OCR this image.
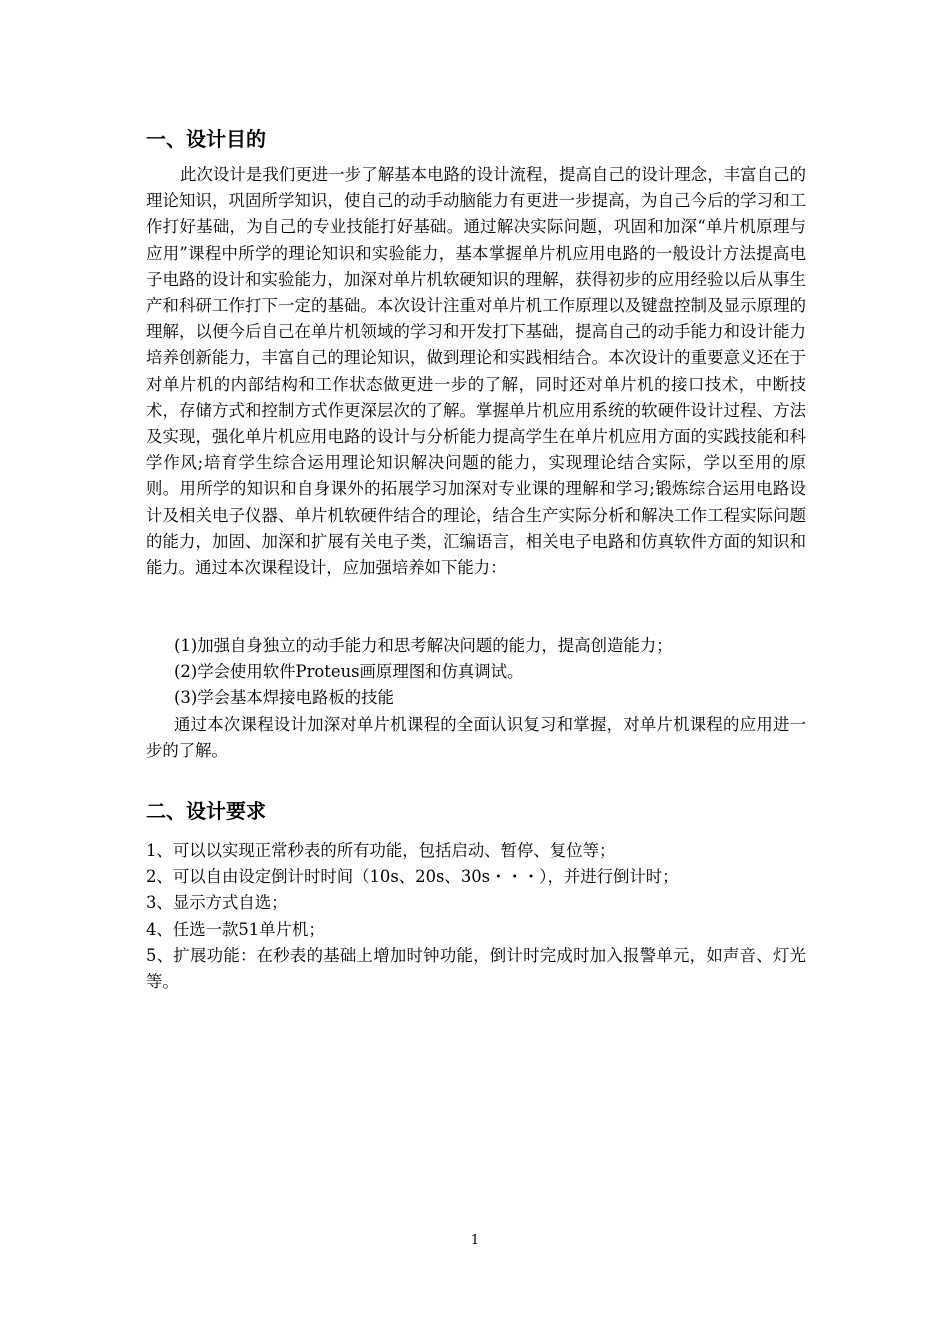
一、设计目的

此次设计是我们更进一步了解基本电路的设计流程，提高自己的设计理念，丰富自己的理论知识，巩固所学知识，使自己的动手动脑能力有更进一步提高，为自己今后的学习和工作打好基础，为自己的专业技能打好基础。通过解决实际问题，巩固和加深“单片机原理与应用”课程中所学的理论知识和实验能力，基本掌握单片机应用电路的一般设计方法提高电子电路的设计和实验能力，加深对单片机软硬知识的理解，获得初步的应用经验以后从事生产和科研工作打下一定的基础。本次设计注重对单片机工作原理以及键盘控制及显示原理的理解，以便今后自己在单片机领域的学习和开发打下基础，提高自己的动手能力和设计能力培养创新能力，丰富自己的理论知识，做到理论和实践相结合。本次设计的重要意义还在于对单片机的内部结构和工作状态做更进一步的了解，同时还对单片机的接口技术，中断技术，存储方式和控制方式作更深层次的了解。掌握单片机应用系统的软硬件设计过程、方法及实现，强化单片机应用电路的设计与分析能力提高学生在单片机应用方面的实践技能和科学作风;培育学生综合运用理论知识解决问题的能力，实现理论结合实际，学以至用的原则。用所学的知识和自身课外的拓展学习加深对专业课的理解和学习;锻炼综合运用电路设计及相关电子仪器、单片机软硬件结合的理论，结合生产实际分析和解决工作工程实际问题的能力，加固、加深和扩展有关电子类，汇编语言，相关电子电路和仿真软件方面的知识和能力。通过本次课程设计，应加强培养如下能力：

(1)加强自身独立的动手能力和思考解决问题的能力，提高创造能力；
(2)学会使用软件Proteus画原理图和仿真调试。
(3)学会基本焊接电路板的技能

通过本次课程设计加深对单片机课程的全面认识复习和掌握，对单片机课程的应用进一步的了解。

二、设计要求
1、可以以实现正常秒表的所有功能，包括启动、暂停、复位等；
2、可以自由设定倒计时时间（10s、20s、30s・・・），并进行倒计时；
3、显示方式自选；
4、任选一款51单片机；
5、扩展功能：在秒表的基础上增加时钟功能，倒计时完成时加入报警单元，如声音、灯光等。
1
